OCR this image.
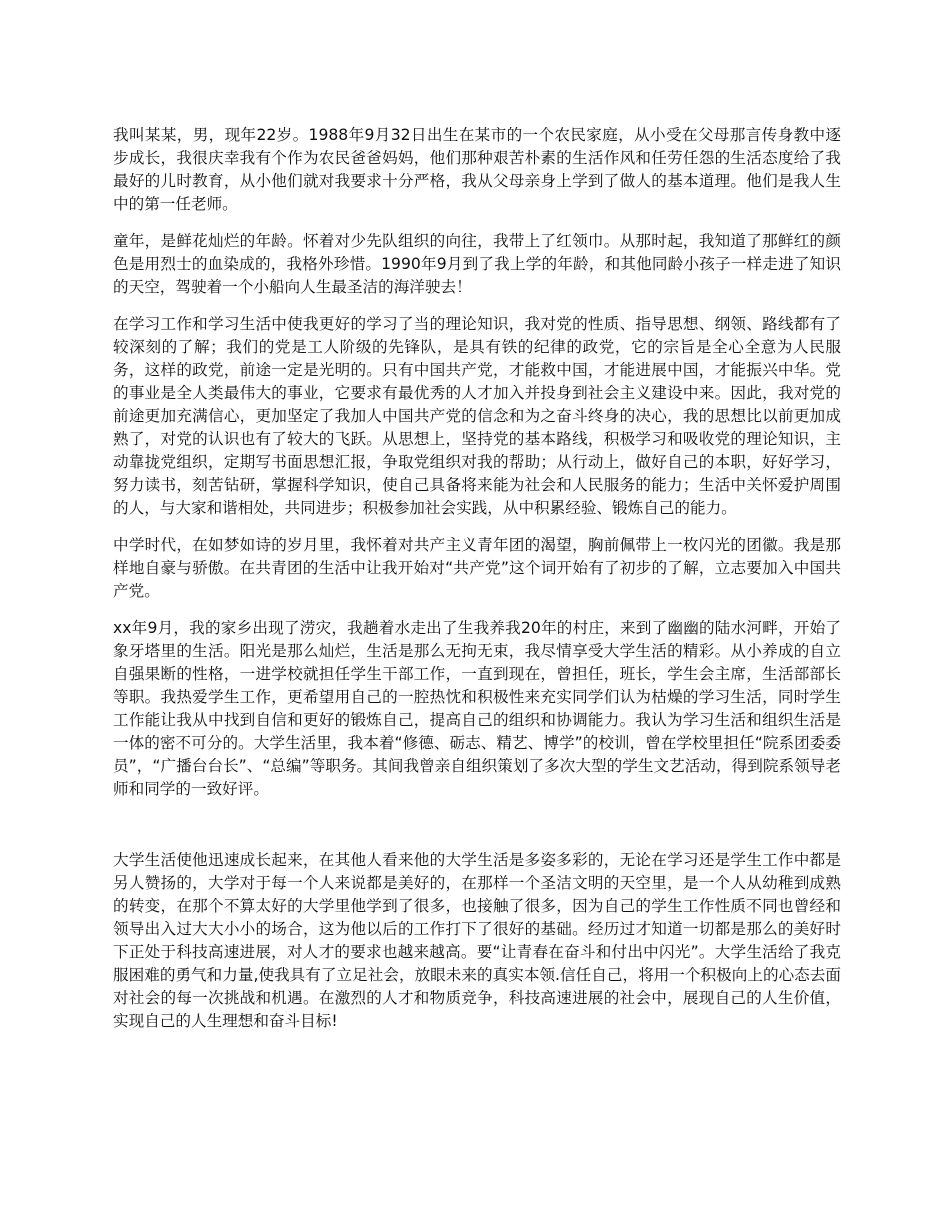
我叫某某，男，现年22岁。1988年9月32日出生在某市的一个农民家庭，从小受在父母那言传身教中逐步成长，我很庆幸我有个作为农民爸爸妈妈，他们那种艰苦朴素的生活作风和任劳任怨的生活态度给了我最好的儿时教育，从小他们就对我要求十分严格，我从父母亲身上学到了做人的基本道理。他们是我人生中的第一任老师。

童年，是鲜花灿烂的年龄。怀着对少先队组织的向往，我带上了红领巾。从那时起，我知道了那鲜红的颜色是用烈士的血染成的，我格外珍惜。1990年9月到了我上学的年龄，和其他同龄小孩子一样走进了知识的天空，驾驶着一个小船向人生最圣洁的海洋驶去！

在学习工作和学习生活中使我更好的学习了当的理论知识，我对党的性质、指导思想、纲领、路线都有了较深刻的了解；我们的党是工人阶级的先锋队，是具有铁的纪律的政党，它的宗旨是全心全意为人民服务，这样的政党，前途一定是光明的。只有中国共产党，才能救中国，才能进展中国，才能振兴中华。党的事业是全人类最伟大的事业，它要求有最优秀的人才加入并投身到社会主义建设中来。因此，我对党的前途更加充满信心，更加坚定了我加人中国共产党的信念和为之奋斗终身的决心，我的思想比以前更加成熟了，对党的认识也有了较大的飞跃。从思想上，坚持党的基本路线，积极学习和吸收党的理论知识，主动靠拢党组织，定期写书面思想汇报，争取党组织对我的帮助；从行动上，做好自己的本职，好好学习，努力读书，刻苦钻研，掌握科学知识，使自己具备将来能为社会和人民服务的能力；生活中关怀爱护周围的人，与大家和谐相处，共同进步；积极参加社会实践，从中积累经验、锻炼自己的能力。

中学时代，在如梦如诗的岁月里，我怀着对共产主义青年团的渴望，胸前佩带上一枚闪光的团徽。我是那样地自豪与骄傲。在共青团的生活中让我开始对“共产党”这个词开始有了初步的了解，立志要加入中国共产党。

xx年9月，我的家乡出现了涝灾，我趟着水走出了生我养我20年的村庄，来到了幽幽的陆水河畔，开始了象牙塔里的生活。阳光是那么灿烂，生活是那么无拘无束，我尽情享受大学生活的精彩。从小养成的自立自强果断的性格，一进学校就担任学生干部工作，一直到现在，曾担任，班长，学生会主席，生活部部长等职。我热爱学生工作，更希望用自己的一腔热忱和积极性来充实同学们认为枯燥的学习生活，同时学生工作能让我从中找到自信和更好的锻炼自己，提高自己的组织和协调能力。我认为学习生活和组织生活是一体的密不可分的。大学生活里，我本着“修德、砺志、精艺、博学”的校训，曾在学校里担任“院系团委委员”，“广播台台长”、“总编”等职务。其间我曾亲自组织策划了多次大型的学生文艺活动，得到院系领导老师和同学的一致好评。

大学生活使他迅速成长起来，在其他人看来他的大学生活是多姿多彩的，无论在学习还是学生工作中都是另人赞扬的，大学对于每一个人来说都是美好的，在那样一个圣洁文明的天空里，是一个人从幼稚到成熟的转变，在那个不算太好的大学里他学到了很多，也接触了很多，因为自己的学生工作性质不同也曾经和领导出入过大大小小的场合，这为他以后的工作打下了很好的基础。经历过才知道一切都是那么的美好时下正处于科技高速进展，对人才的要求也越来越高。要“让青春在奋斗和付出中闪光”。大学生活给了我克服困难的勇气和力量,使我具有了立足社会，放眼未来的真实本领.信任自己，将用一个积极向上的心态去面对社会的每一次挑战和机遇。在激烈的人才和物质竞争，科技高速进展的社会中，展现自己的人生价值，实现自己的人生理想和奋斗目标!
